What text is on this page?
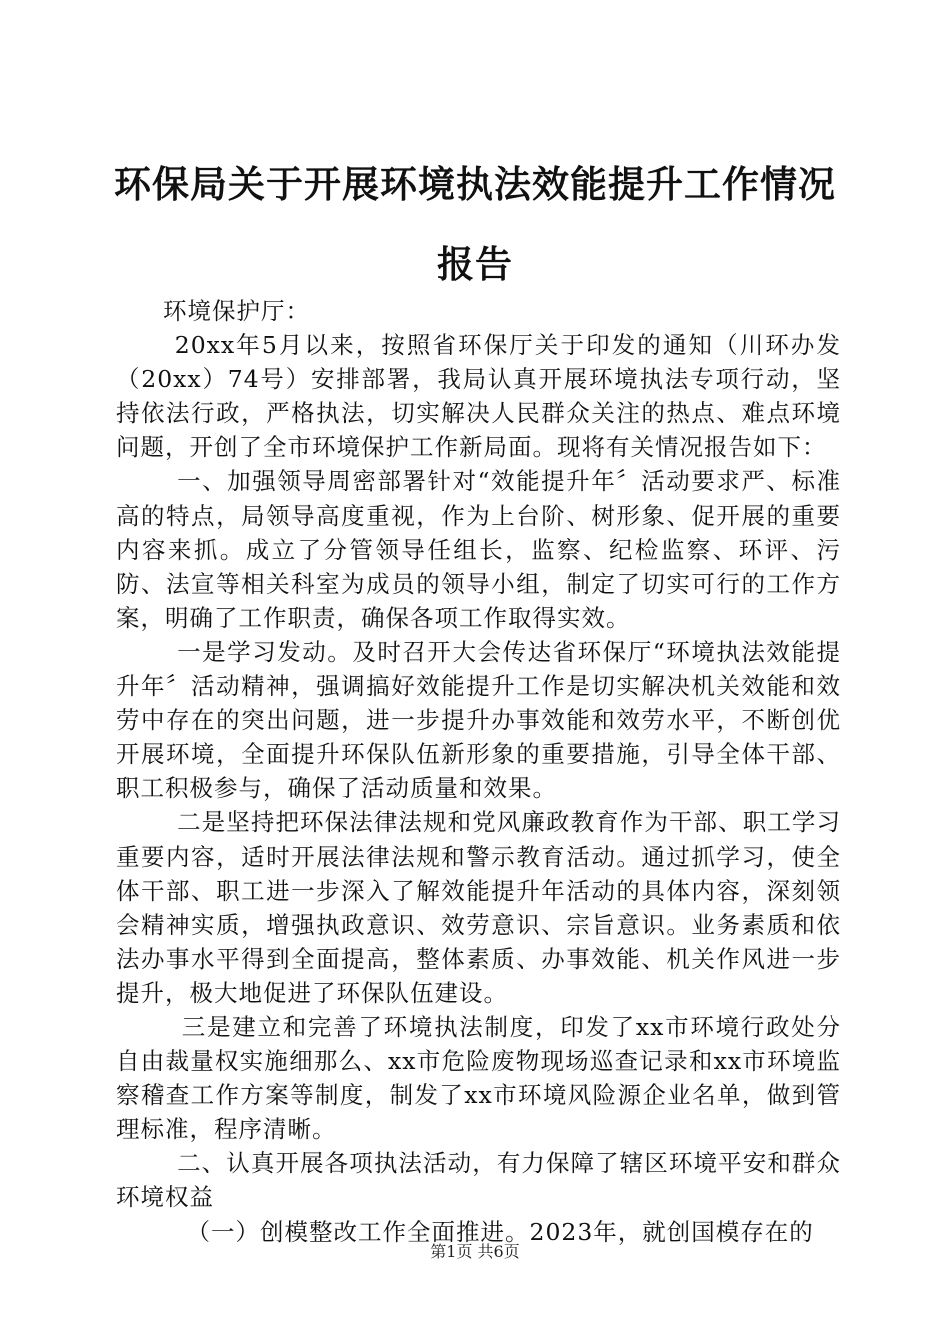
环保局关于开展环境执法效能提升工作情况报告

环境保护厅：

20xx年5月以来，按照省环保厅关于印发的通知（川环办发（20xx）74号）安排部署，我局认真开展环境执法专项行动，坚持依法行政，严格执法，切实解决人民群众关注的热点、难点环境问题，开创了全市环境保护工作新局面。现将有关情况报告如下：

一、加强领导周密部署针对“效能提升年〞活动要求严、标准高的特点，局领导高度重视，作为上台阶、树形象、促开展的重要内容来抓。成立了分管领导任组长，监察、纪检监察、环评、污防、法宣等相关科室为成员的领导小组，制定了切实可行的工作方案，明确了工作职责，确保各项工作取得实效。

一是学习发动。及时召开大会传达省环保厅“环境执法效能提升年〞活动精神，强调搞好效能提升工作是切实解决机关效能和效劳中存在的突出问题，进一步提升办事效能和效劳水平，不断创优开展环境，全面提升环保队伍新形象的重要措施，引导全体干部、职工积极参与，确保了活动质量和效果。

二是坚持把环保法律法规和党风廉政教育作为干部、职工学习重要内容，适时开展法律法规和警示教育活动。通过抓学习，使全体干部、职工进一步深入了解效能提升年活动的具体内容，深刻领会精神实质，增强执政意识、效劳意识、宗旨意识。业务素质和依法办事水平得到全面提高，整体素质、办事效能、机关作风进一步提升，极大地促进了环保队伍建设。

三是建立和完善了环境执法制度，印发了xx市环境行政处分自由裁量权实施细那么、xx市危险废物现场巡查记录和xx市环境监察稽查工作方案等制度，制发了xx市环境风险源企业名单，做到管理标准，程序清晰。

二、认真开展各项执法活动，有力保障了辖区环境平安和群众环境权益

（一）创模整改工作全面推进。2023年，就创国模存在的

第1页 共6页
